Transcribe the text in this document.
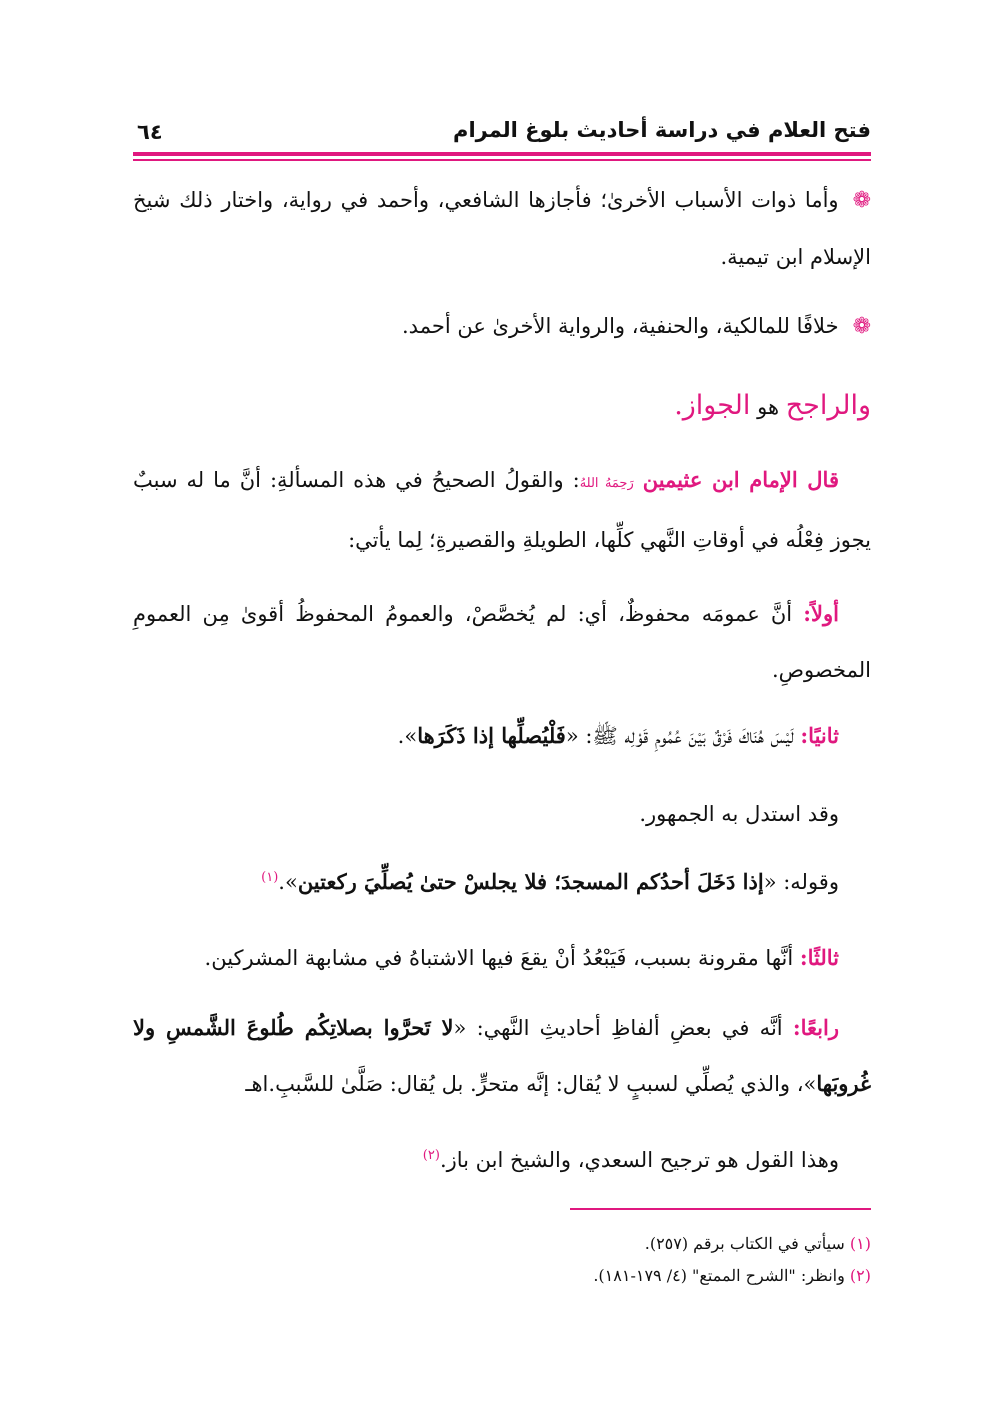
فتح العلام في دراسة أحاديث بلوغ المرام
٦٤
❁وأما ذوات الأسباب الأخرىٰ؛ فأجازها الشافعي، وأحمد في رواية، واختار ذلك شيخ الإسلام ابن تيمية.
❁خلافًا للمالكية، والحنفية، والرواية الأخرىٰ عن أحمد.
والراجح هو الجواز.
قال الإمام ابن عثيمين رَحِمَهُ اللهُ: والقولُ الصحيحُ في هذه المسألةِ: أنَّ ما له سببٌ يجوز فِعْلُه في أوقاتِ النَّهي كلِّها، الطويلةِ والقصيرةِ؛ لِما يأتي:
أولاً: أنَّ عمومَه محفوظٌ، أي: لم يُخصَّصْ، والعمومُ المحفوظُ أقوىٰ مِن العمومِ المخصوصِ.
ثانيًا: لَيْسَ هُنَاكَ فَرْقٌ بَيْنَ عُمُومِ قَوْلِه ﷺ: «فَلْيُصلِّها إذا ذَكَرَها».
وقد استدل به الجمهور.
وقوله: «إذا دَخَلَ أحدُكم المسجدَ؛ فلا يجلسْ حتىٰ يُصلِّيَ ركعتين».$^{(١)}$
ثالثًا: أنَّها مقرونة بسبب، فَيَبْعُدُ أنْ يقعَ فيها الاشتباهُ في مشابهة المشركين.
رابعًا: أنَّه في بعضِ ألفاظِ أحاديثِ النَّهي: «لا تَحرَّوا بصلاتِكُم طُلوعَ الشَّمسِ ولا غُروبَها»، والذي يُصلِّي لسببٍ لا يُقال: إنَّه متحرٍّ. بل يُقال: صَلَّىٰ للسَّببِ.اهـ
وهذا القول هو ترجيح السعدي، والشيخ ابن باز.$^{(٢)}$
(١) سيأتي في الكتاب برقم (٢٥٧).
(٢) وانظر: "الشرح الممتع" (٤/ ١٧٩-١٨١).
